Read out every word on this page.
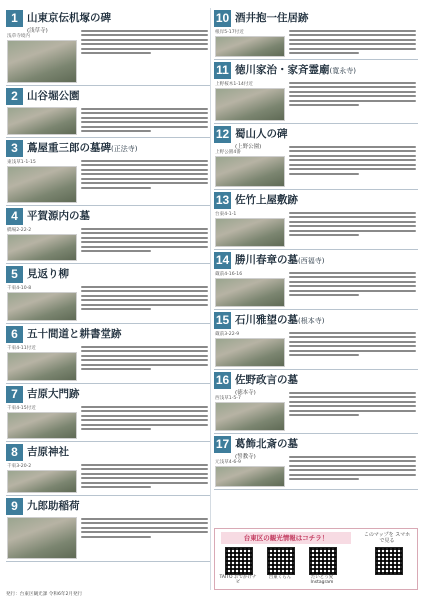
1 山東京伝机塚の碑
(浅草寺)
浅草寺境内
2 山谷堀公園
3 蔦屋重三郎の墓碑(正法寺)
東浅草1-1-15
4 平賀源内の墓
橋場2-22-2
5 見返り柳
千束4-10-8
6 五十間道と耕書堂跡
千束4-11付近
7 吉原大門跡
千束4-15付近
8 吉原神社
千束3-20-2
9 九郎助稲荷
10 酒井抱一住居跡
根岸5-17付近
11 徳川家治・家斉霊廟(寛永寺)
上野桜木1-14付近
12 蜀山人の碑
(上野公園)
上野公園4番
13 佐竹上屋敷跡
台東4-1-1
14 勝川春章の墓(西福寺)
蔵前4-16-16
15 石川雅望の墓(根本寺)
蔵前3-22-9
16 佐野政言の墓
(徳本寺)
西浅草1-5-7
17 葛飾北斎の墓
(誓教寺)
元浅草4-6-9
台東区の観光情報はコチラ！	このマップを スマホで見る
TAITO おでかけナビ
台東くらん	たいとう愛 Instagram
発行：台東区観光課 令和6年2月発行
